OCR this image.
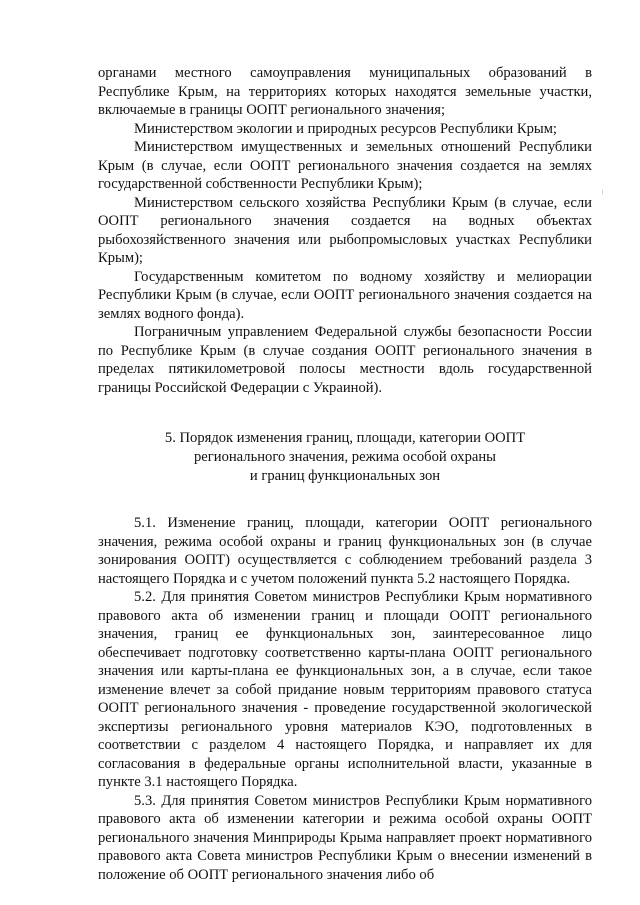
органами местного самоуправления муниципальных образований в Республике Крым, на территориях которых находятся земельные участки, включаемые в границы ООПТ регионального значения;

Министерством экологии и природных ресурсов Республики Крым;

Министерством имущественных и земельных отношений Республики Крым (в случае, если ООПТ регионального значения создается на землях государственной собственности Республики Крым);

Министерством сельского хозяйства Республики Крым (в случае, если ООПТ регионального значения создается на водных объектах рыбохозяйственного значения или рыбопромысловых участках Республики Крым);

Государственным комитетом по водному хозяйству и мелиорации Республики Крым (в случае, если ООПТ регионального значения создается на землях водного фонда).

Пограничным управлением Федеральной службы безопасности России по Республике Крым (в случае создания ООПТ регионального значения в пределах пятикилометровой полосы местности вдоль государственной границы Российской Федерации с Украиной).

5. Порядок изменения границ, площади, категории ООПТ
регионального значения, режима особой охраны
и границ функциональных зон

5.1. Изменение границ, площади, категории ООПТ регионального значения, режима особой охраны и границ функциональных зон (в случае зонирования ООПТ) осуществляется с соблюдением требований раздела 3 настоящего Порядка и с учетом положений пункта 5.2 настоящего Порядка.

5.2. Для принятия Советом министров Республики Крым нормативного правового акта об изменении границ и площади ООПТ регионального значения, границ ее функциональных зон, заинтересованное лицо обеспечивает подготовку соответственно карты-плана ООПТ регионального значения или карты-плана ее функциональных зон, а в случае, если такое изменение влечет за собой придание новым территориям правового статуса ООПТ регионального значения - проведение государственной экологической экспертизы регионального уровня материалов КЭО, подготовленных в соответствии с разделом 4 настоящего Порядка, и направляет их для согласования в федеральные органы исполнительной власти, указанные в пункте 3.1 настоящего Порядка.

5.3. Для принятия Советом министров Республики Крым нормативного правового акта об изменении категории и режима особой охраны ООПТ регионального значения Минприроды Крыма направляет проект нормативного правового акта Совета министров Республики Крым о внесении изменений в положение об ООПТ регионального значения либо об
